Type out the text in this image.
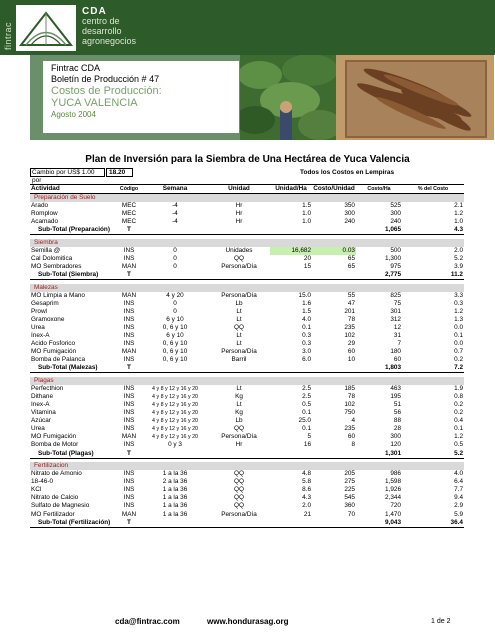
fintrac
CDA
centro de
desarrollo
agronegocios
Fintrac CDA
Boletín de Producción # 47
Costos de Producción:
YUCA VALENCIA
Agosto 2004
Plan de Inversión para la Siembra de Una Hectárea de Yuca Valencia
Cambio por US$ 1.00 por
18.20	Todos los Costos en Lempiras
Actividad	Código	Semana	Unidad	Unidad/Ha	Costo/Unidad	Costo/Ha	% del Costo
Preparación de Suelo							
Arado	MEC	-4	Hr	1.5	350	525	2.1
Romplow	MEC	-4	Hr	1.0	300	300	1.2
Acamado	MEC	-4	Hr	1.0	240	240	1.0
Sub-Total (Preparación)	T					1,065	4.3

Siembra							
Semilla @	INS	0	Unidades	16,682	0.03	500	2.0
Cal Dolomitica	INS	0	QQ	20	65	1,300	5.2
MO Sembradores	MAN	0	Persona/Día	15	65	975	3.9
Sub-Total (Siembra)	T					2,775	11.2

Malezas							
MO Limpia a Mano	MAN	4 y 20	Persona/Día	15.0	55	825	3.3
Gesaprim	INS	0	Lb	1.6	47	75	0.3
Prowl	INS	0	Lt	1.5	201	301	1.2
Gramoxone	INS	6 y 10	Lt	4.0	78	312	1.3
Urea	INS	0, 6 y 10	QQ	0.1	235	12	0.0
Inex-A	INS	6 y 10	Lt	0.3	102	31	0.1
Acido Fosforico	INS	0, 6 y 10	Lt	0.3	29	7	0.0
MO Fumigación	MAN	0, 6 y 10	Persona/Día	3.0	60	180	0.7
Bomba de Palanca	INS	0, 6 y 10	Barril	6.0	10	60	0.2
Sub-Total (Malezas)	T					1,803	7.2

Plagas							
Perfecthion	INS	4 y 8 y 12 y 16 y 20	Lt	2.5	185	463	1.9
Dithane	INS	4 y 8 y 12 y 16 y 20	Kg	2.5	78	195	0.8
Inex-A	INS	4 y 8 y 12 y 16 y 20	Lt	0.5	102	51	0.2
Vitamina	INS	4 y 8 y 12 y 16 y 20	Kg	0.1	750	56	0.2
Azúcar	INS	4 y 8 y 12 y 16 y 20	Lb	25.0	4	88	0.4
Urea	INS	4 y 8 y 12 y 16 y 20	QQ	0.1	235	28	0.1
MO Fumigación	MAN	4 y 8 y 12 y 16 y 20	Persona/Día	5	60	300	1.2
Bomba de Motor	INS	0 y 3	Hr	16	8	120	0.5
Sub-Total (Plagas)	T					1,301	5.2

Fertilizacion							
Nitrato de Amonio	INS	1 a la 36	QQ	4.8	205	986	4.0
18-46-0	INS	2 a la 36	QQ	5.8	275	1,598	6.4
KCl	INS	1 a la 36	QQ	8.6	225	1,926	7.7
Nitrato de Calcio	INS	1 a la 36	QQ	4.3	545	2,344	9.4
Sulfato de Magnesio	INS	1 a la 36	QQ	2.0	360	720	2.9
MO Fertilizador	MAN	1 a la 36	Persona/Día	21	70	1,470	5.9
Sub-Total (Fertilización)	T					9,043	36.4
cda@fintrac.com	www.hondurasag.org	1 de 2
